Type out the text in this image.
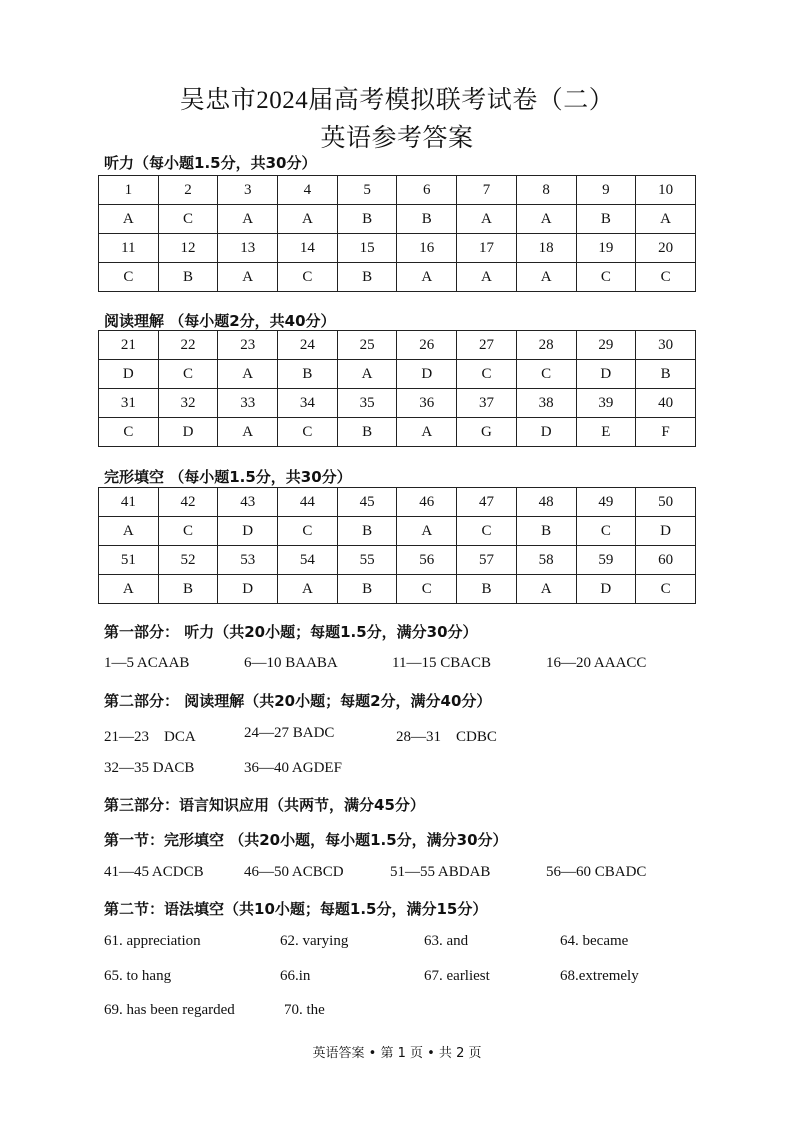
吴忠市2024届高考模拟联考试卷（二）
英语参考答案
听力（每小题1.5分，共30分）
1	2	3	4	5	6	7	8	9	10
A	C	A	A	B	B	A	A	B	A
11	12	13	14	15	16	17	18	19	20
C	B	A	C	B	A	A	A	C	C
阅读理解 （每小题2分，共40分）
21	22	23	24	25	26	27	28	29	30
D	C	A	B	A	D	C	C	D	B
31	32	33	34	35	36	37	38	39	40
C	D	A	C	B	A	G	D	E	F
完形填空 （每小题1.5分，共30分）
41	42	43	44	45	46	47	48	49	50
A	C	D	C	B	A	C	B	C	D
51	52	53	54	55	56	57	58	59	60
A	B	D	A	B	C	B	A	D	C
第一部分： 听力（共20小题；每题1.5分，满分30分）
1—5 ACAAB	6—10 BAABA	11—15 CBACB	16—20 AAACC
第二部分： 阅读理解（共20小题；每题2分，满分40分）
21—23　DCA	24—27 BADC	28—31　CDBC
32—35 DACB	36—40 AGDEF
第三部分：语言知识应用（共两节，满分45分）
第一节：完形填空 （共20小题，每小题1.5分，满分30分）
41—45 ACDCB	46—50 ACBCD	51—55 ABDAB	56—60 CBADC
第二节：语法填空（共10小题；每题1.5分，满分15分）
61. appreciation	62. varying	63. and	64. became
65. to hang	66.in	67. earliest	68.extremely
69. has been regarded	70. the
英语答案 • 第 1 页 • 共 2 页
